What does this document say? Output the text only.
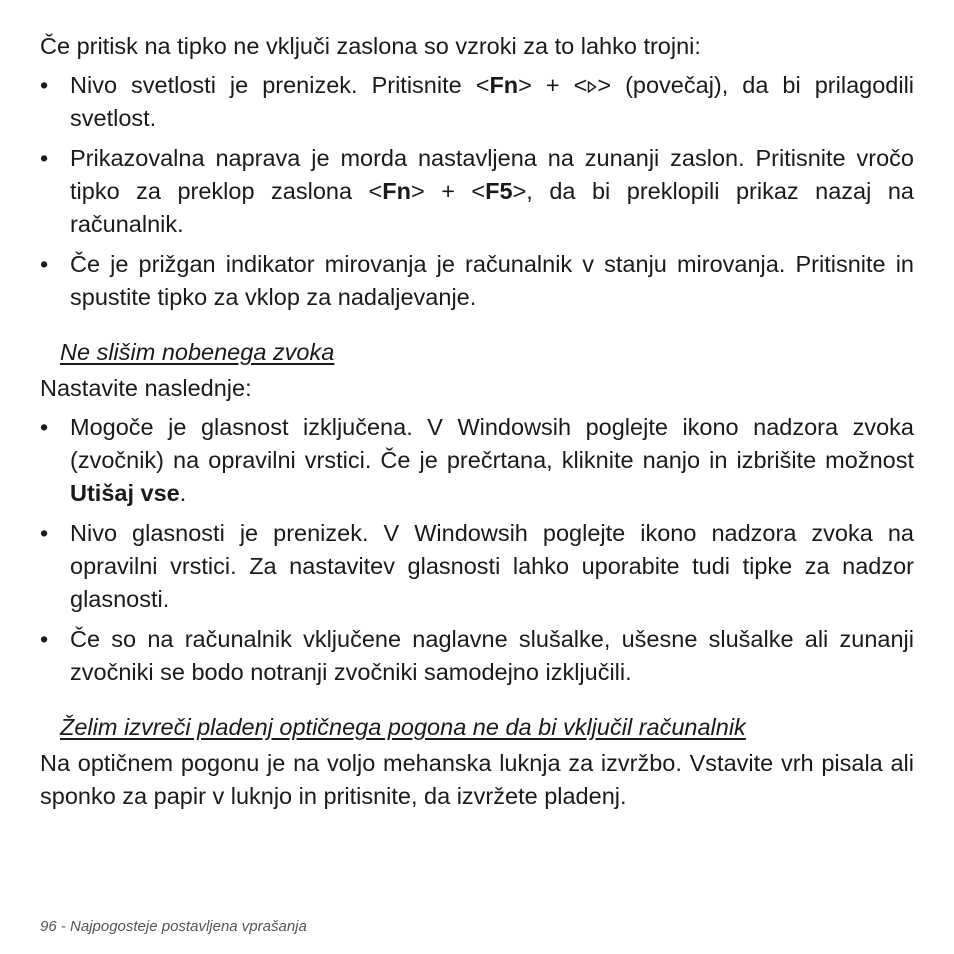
Če pritisk na tipko ne vključi zaslona so vzroki za to lahko trojni:

• Nivo svetlosti je prenizek. Pritisnite <Fn> + < > (povečaj), da bi prilagodili svetlost.
• Prikazovalna naprava je morda nastavljena na zunanji zaslon. Pritisnite vročo tipko za preklop zaslona <Fn> + <F5>, da bi preklopili prikaz nazaj na računalnik.
• Če je prižgan indikator mirovanja je računalnik v stanju mirovanja. Pritisnite in spustite tipko za vklop za nadaljevanje.

Ne slišim nobenega zvoka

Nastavite naslednje:

• Mogoče je glasnost izključena. V Windowsih poglejte ikono nadzora zvoka (zvočnik) na opravilni vrstici. Če je prečrtana, kliknite nanjo in izbrišite možnost Utišaj vse.
• Nivo glasnosti je prenizek. V Windowsih poglejte ikono nadzora zvoka na opravilni vrstici. Za nastavitev glasnosti lahko uporabite tudi tipke za nadzor glasnosti.
• Če so na računalnik vključene naglavne slušalke, ušesne slušalke ali zunanji zvočniki se bodo notranji zvočniki samodejno izključili.

Želim izvreči pladenj optičnega pogona ne da bi vključil računalnik

Na optičnem pogonu je na voljo mehanska luknja za izvržbo. Vstavite vrh pisala ali sponko za papir v luknjo in pritisnite, da izvržete pladenj.

96 - Najpogosteje postavljena vprašanja
